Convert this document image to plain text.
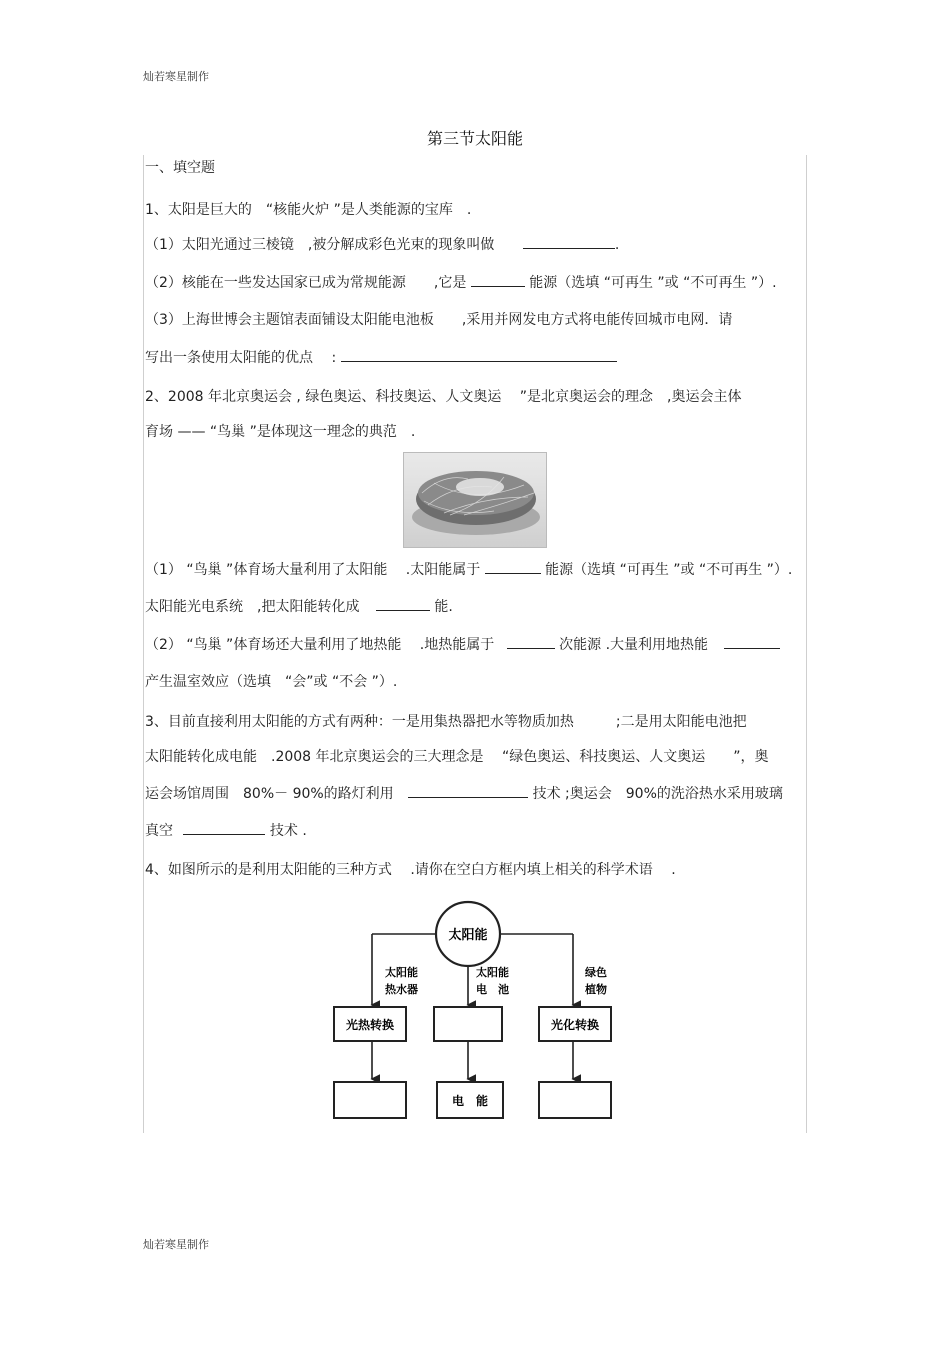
灿若寒星制作
第三节太阳能
一、填空题
1、太阳是巨大的　“核能火炉 ”是人类能源的宝库　.
（1）太阳光通过三棱镜　,被分解成彩色光束的现象叫做	.
（2）核能在一些发达国家已成为常规能源　　,它是	能源（选填 “可再生 ”或 “不可再生 ”）.
（3）上海世博会主题馆表面铺设太阳能电池板　　,采用并网发电方式将电能传回城市电网．请
写出一条使用太阳能的优点　 :
2、2008 年北京奥运会 , 绿色奥运、科技奥运、人文奥运　 ”是北京奥运会的理念　,奥运会主体
育场 —— “鸟巢 ”是体现这一理念的典范　.
（1） “鸟巢 ”体育场大量利用了太阳能　 .太阳能属于	能源（选填 “可再生 ”或 “不可再生 ”）.
太阳能光电系统　,把太阳能转化成	能.
（2） “鸟巢 ”体育场还大量利用了地热能　 .地热能属于	次能源 .大量利用地热能
产生温室效应（选填　“会”或 “不会 ”）.
3、目前直接利用太阳能的方式有两种：一是用集热器把水等物质加热　　　;二是用太阳能电池把
太阳能转化成电能　.2008 年北京奥运会的三大理念是　 “绿色奥运、科技奥运、人文奥运　　”，奥
运会场馆周围　80%－ 90%的路灯利用	技术 ;奥运会　90%的洗浴热水采用玻璃
真空	技术 .
4、如图所示的是利用太阳能的三种方式　 .请你在空白方框内填上相关的科学术语　 .
太阳能
太阳能
热水器
太阳能
电　池
绿色
植物
光热转换	光化转换
电　能
灿若寒星制作
